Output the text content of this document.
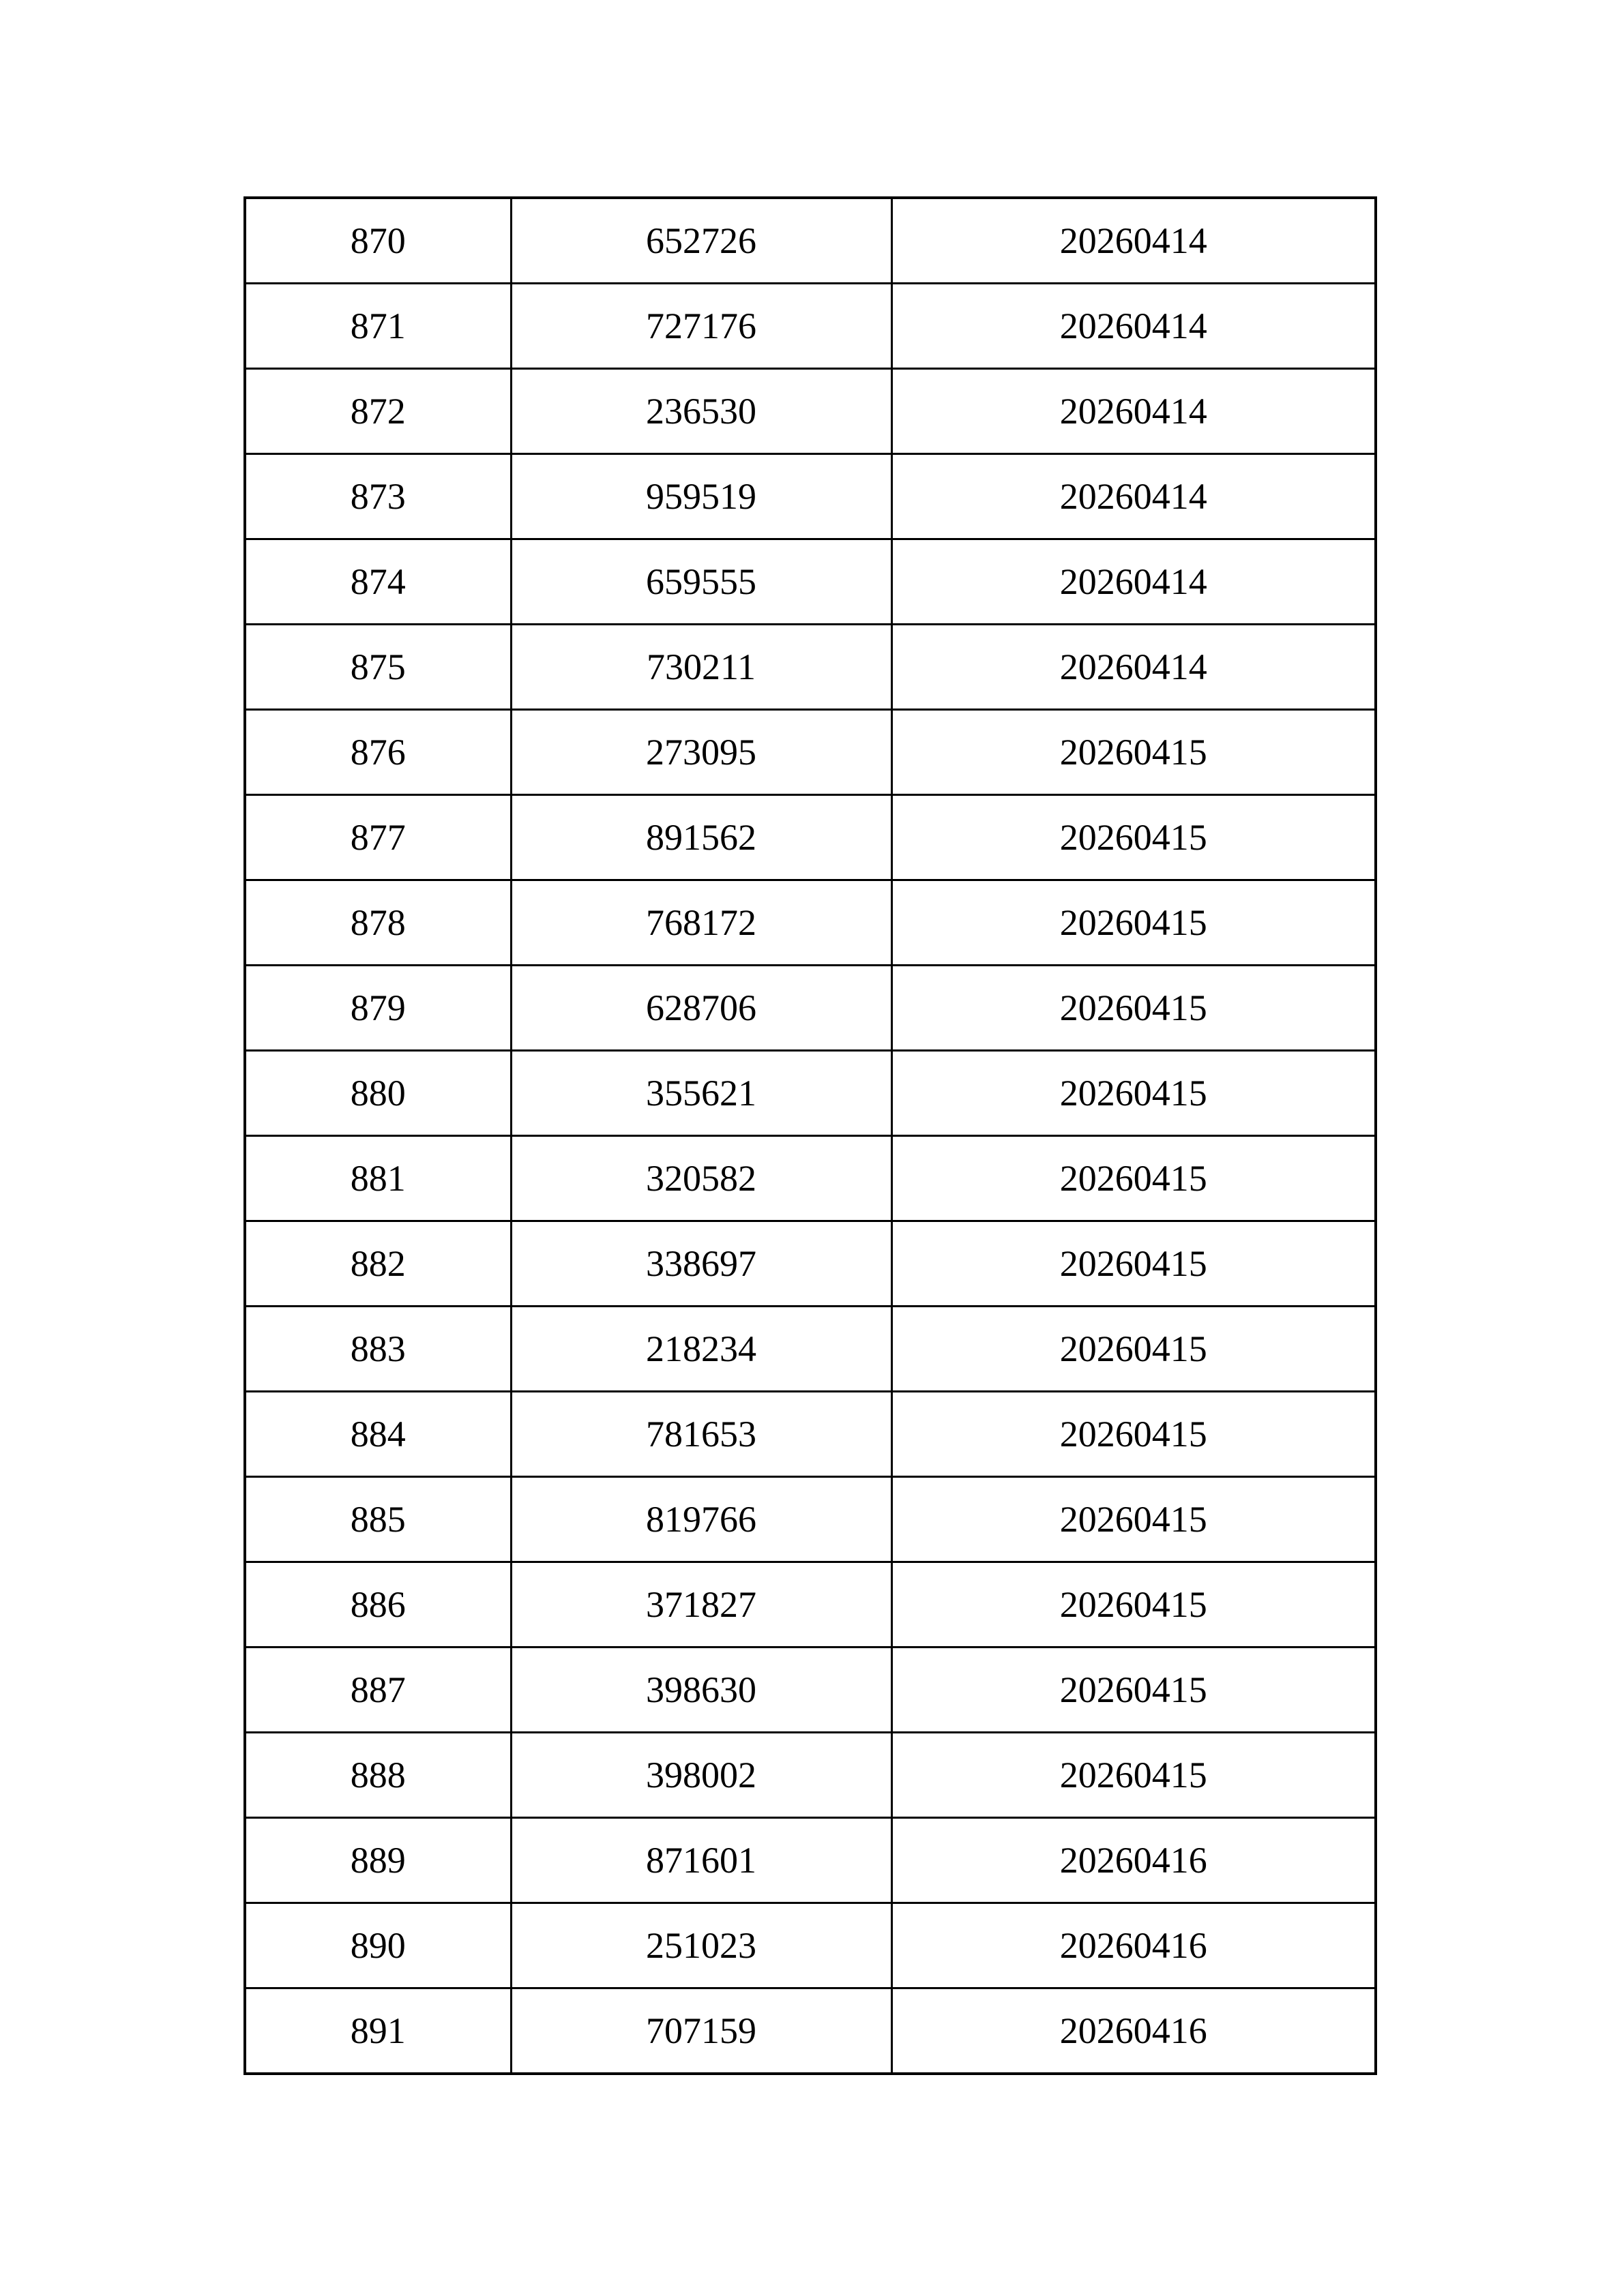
870	652726	20260414
871	727176	20260414
872	236530	20260414
873	959519	20260414
874	659555	20260414
875	730211	20260414
876	273095	20260415
877	891562	20260415
878	768172	20260415
879	628706	20260415
880	355621	20260415
881	320582	20260415
882	338697	20260415
883	218234	20260415
884	781653	20260415
885	819766	20260415
886	371827	20260415
887	398630	20260415
888	398002	20260415
889	871601	20260416
890	251023	20260416
891	707159	20260416
